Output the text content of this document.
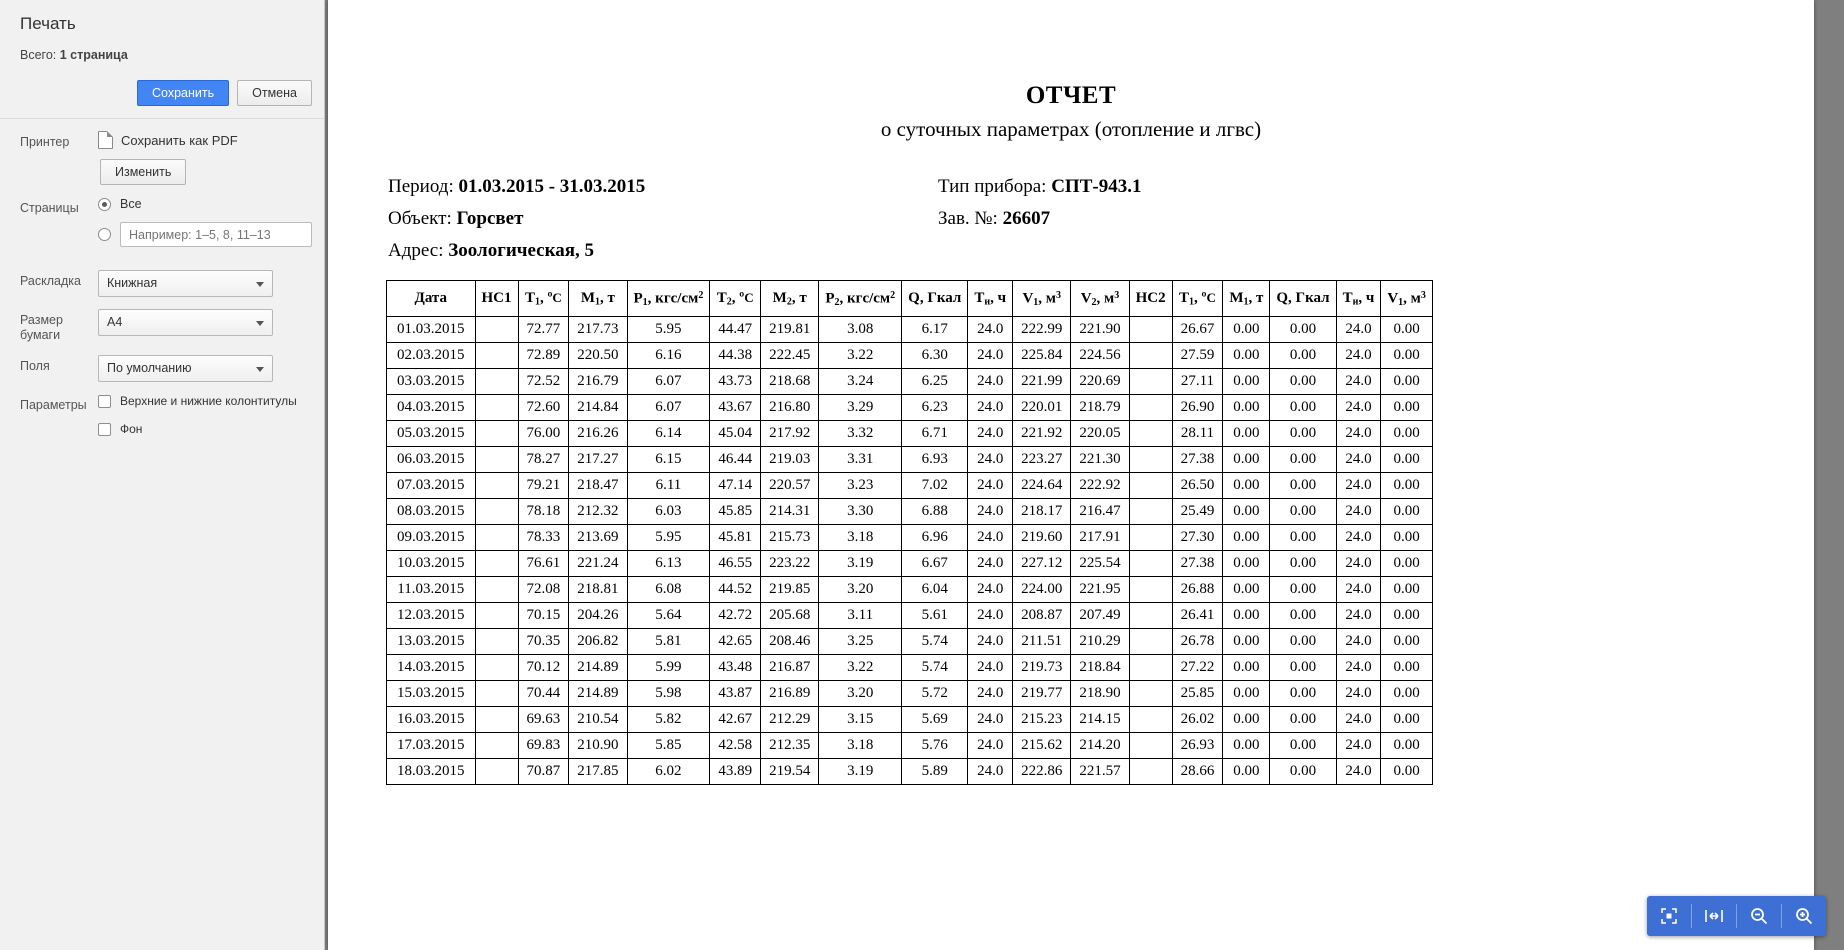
Печать
Всего: 1 страница
Сохранить	Отмена
Принтер	Сохранить как PDF
Изменить
Страницы	Все
Например: 1–5, 8, 11–13
Раскладка	Книжная
Размер бумаги
A4
Поля	По умолчанию
Параметры	Верхние и нижние колонтитулы
Фон
ОТЧЕТ
о суточных параметрах (отопление и лгвс)
Период: 01.03.2015 - 31.03.2015
Объект: Горсвет
Адрес: Зоологическая, 5
Тип прибора: СПТ-943.1
Зав. №: 26607
Дата	НС1	$T_1$, ºC	$M_1$, т	$P_1$, кгс/$см^2$	$T_2$, ºC	$M_2$, т	$P_2$, кгс/$см^2$	Q, Гкал	$T_и$, ч	$V_1$, $м^3$	$V_2$, $м^3$	НС2	$T_1$, ºC	$M_1$, т	Q, Гкал	$T_и$, ч	$V_1$, $м^3$
01.03.2015		72.77	217.73	5.95	44.47	219.81	3.08	6.17	24.0	222.99	221.90		26.67	0.00	0.00	24.0	0.00
02.03.2015		72.89	220.50	6.16	44.38	222.45	3.22	6.30	24.0	225.84	224.56		27.59	0.00	0.00	24.0	0.00
03.03.2015		72.52	216.79	6.07	43.73	218.68	3.24	6.25	24.0	221.99	220.69		27.11	0.00	0.00	24.0	0.00
04.03.2015		72.60	214.84	6.07	43.67	216.80	3.29	6.23	24.0	220.01	218.79		26.90	0.00	0.00	24.0	0.00
05.03.2015		76.00	216.26	6.14	45.04	217.92	3.32	6.71	24.0	221.92	220.05		28.11	0.00	0.00	24.0	0.00
06.03.2015		78.27	217.27	6.15	46.44	219.03	3.31	6.93	24.0	223.27	221.30		27.38	0.00	0.00	24.0	0.00
07.03.2015		79.21	218.47	6.11	47.14	220.57	3.23	7.02	24.0	224.64	222.92		26.50	0.00	0.00	24.0	0.00
08.03.2015		78.18	212.32	6.03	45.85	214.31	3.30	6.88	24.0	218.17	216.47		25.49	0.00	0.00	24.0	0.00
09.03.2015		78.33	213.69	5.95	45.81	215.73	3.18	6.96	24.0	219.60	217.91		27.30	0.00	0.00	24.0	0.00
10.03.2015		76.61	221.24	6.13	46.55	223.22	3.19	6.67	24.0	227.12	225.54		27.38	0.00	0.00	24.0	0.00
11.03.2015		72.08	218.81	6.08	44.52	219.85	3.20	6.04	24.0	224.00	221.95		26.88	0.00	0.00	24.0	0.00
12.03.2015		70.15	204.26	5.64	42.72	205.68	3.11	5.61	24.0	208.87	207.49		26.41	0.00	0.00	24.0	0.00
13.03.2015		70.35	206.82	5.81	42.65	208.46	3.25	5.74	24.0	211.51	210.29		26.78	0.00	0.00	24.0	0.00
14.03.2015		70.12	214.89	5.99	43.48	216.87	3.22	5.74	24.0	219.73	218.84		27.22	0.00	0.00	24.0	0.00
15.03.2015		70.44	214.89	5.98	43.87	216.89	3.20	5.72	24.0	219.77	218.90		25.85	0.00	0.00	24.0	0.00
16.03.2015		69.63	210.54	5.82	42.67	212.29	3.15	5.69	24.0	215.23	214.15		26.02	0.00	0.00	24.0	0.00
17.03.2015		69.83	210.90	5.85	42.58	212.35	3.18	5.76	24.0	215.62	214.20		26.93	0.00	0.00	24.0	0.00
18.03.2015		70.87	217.85	6.02	43.89	219.54	3.19	5.89	24.0	222.86	221.57		28.66	0.00	0.00	24.0	0.00
